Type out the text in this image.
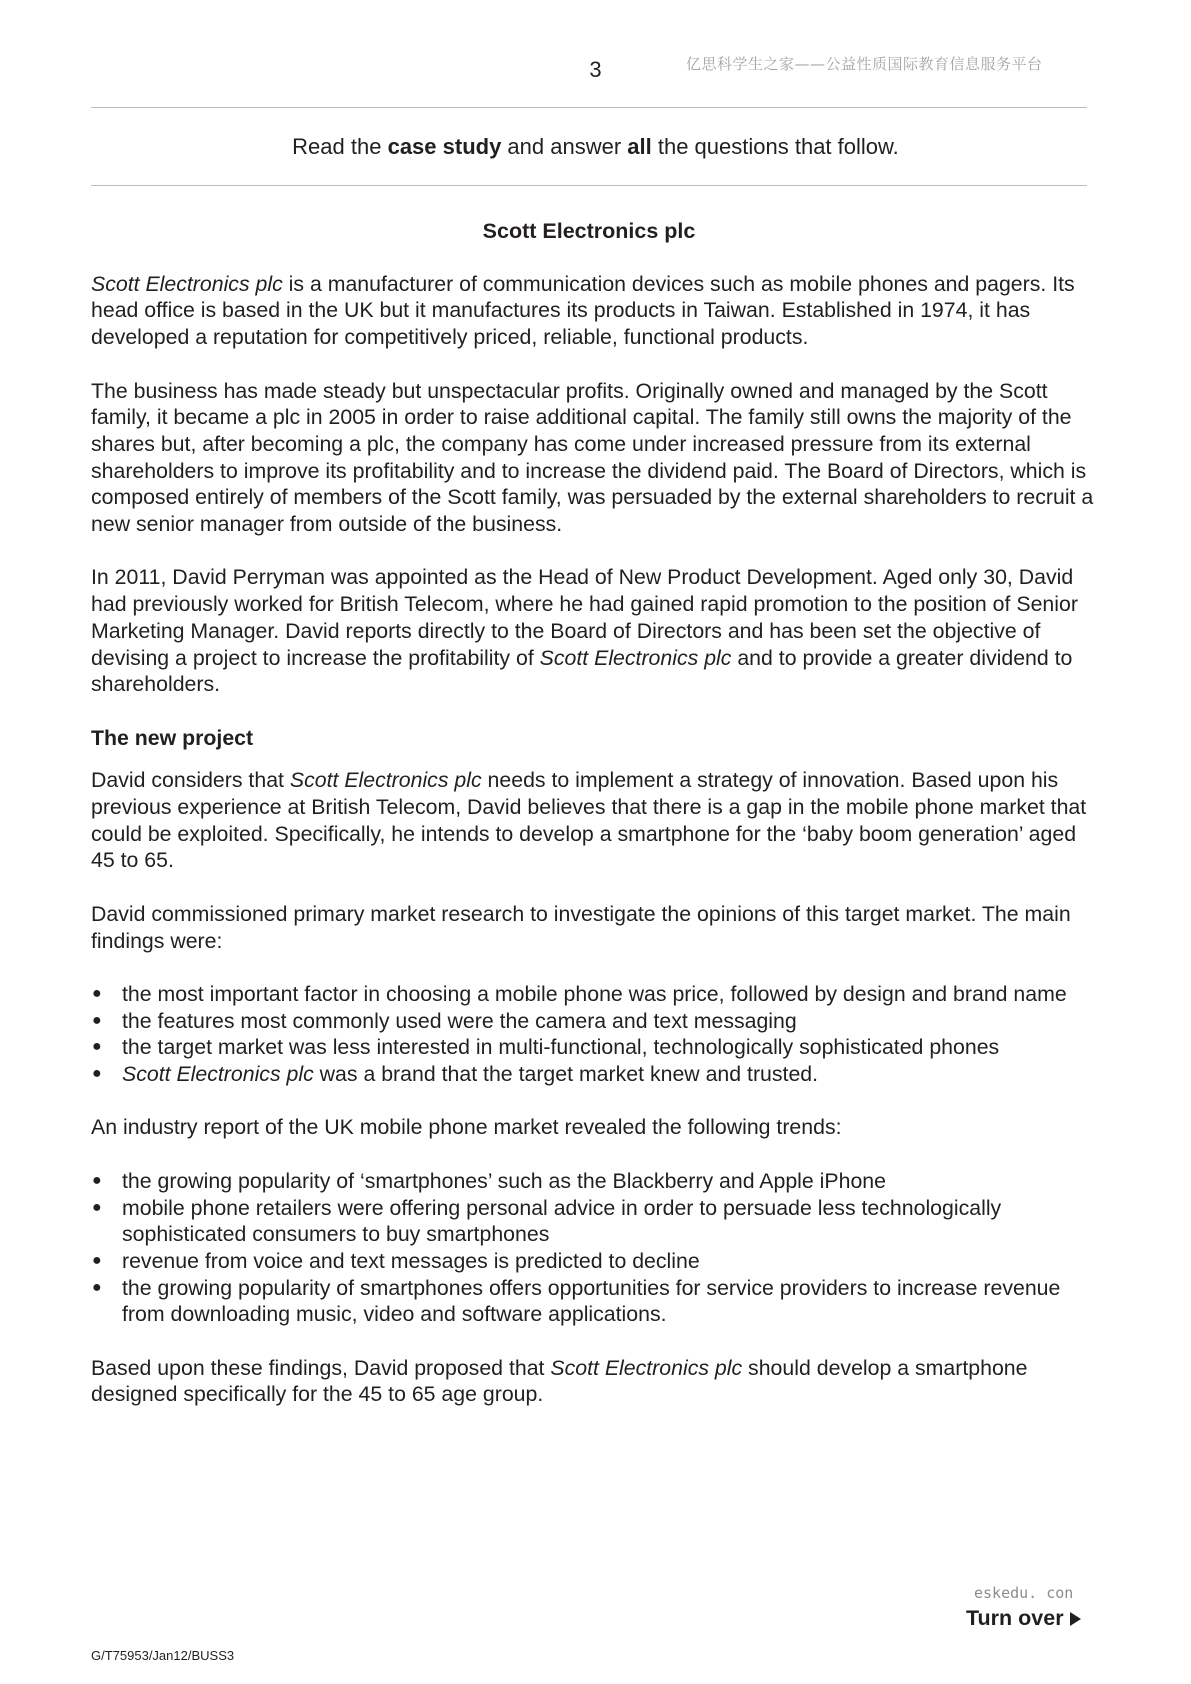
3	亿思科学生之家——公益性质国际教育信息服务平台
Read the case study and answer all the questions that follow.
Scott Electronics plc

Scott Electronics plc is a manufacturer of communication devices such as mobile phones and pagers. Its head office is based in the UK but it manufactures its products in Taiwan. Established in 1974, it has developed a reputation for competitively priced, reliable, functional products.

The business has made steady but unspectacular profits. Originally owned and managed by the Scott family, it became a plc in 2005 in order to raise additional capital. The family still owns the majority of the shares but, after becoming a plc, the company has come under increased pressure from its external shareholders to improve its profitability and to increase the dividend paid. The Board of Directors, which is composed entirely of members of the Scott family, was persuaded by the external shareholders to recruit a new senior manager from outside of the business.

In 2011, David Perryman was appointed as the Head of New Product Development. Aged only 30, David had previously worked for British Telecom, where he had gained rapid promotion to the position of Senior Marketing Manager. David reports directly to the Board of Directors and has been set the objective of devising a project to increase the profitability of Scott Electronics plc and to provide a greater dividend to shareholders.

The new project

David considers that Scott Electronics plc needs to implement a strategy of innovation. Based upon his previous experience at British Telecom, David believes that there is a gap in the mobile phone market that could be exploited. Specifically, he intends to develop a smartphone for the ‘baby boom generation’ aged 45 to 65.

David commissioned primary market research to investigate the opinions of this target market. The main findings were:

● the most important factor in choosing a mobile phone was price, followed by design and brand name
● the features most commonly used were the camera and text messaging
● the target market was less interested in multi-functional, technologically sophisticated phones
● Scott Electronics plc was a brand that the target market knew and trusted.

An industry report of the UK mobile phone market revealed the following trends:

● the growing popularity of ‘smartphones’ such as the Blackberry and Apple iPhone
● mobile phone retailers were offering personal advice in order to persuade less technologically sophisticated consumers to buy smartphones
● revenue from voice and text messages is predicted to decline
● the growing popularity of smartphones offers opportunities for service providers to increase revenue from downloading music, video and software applications.

Based upon these findings, David proposed that Scott Electronics plc should develop a smartphone designed specifically for the 45 to 65 age group.

eskedu. con
Turn over
G/T75953/Jan12/BUSS3
